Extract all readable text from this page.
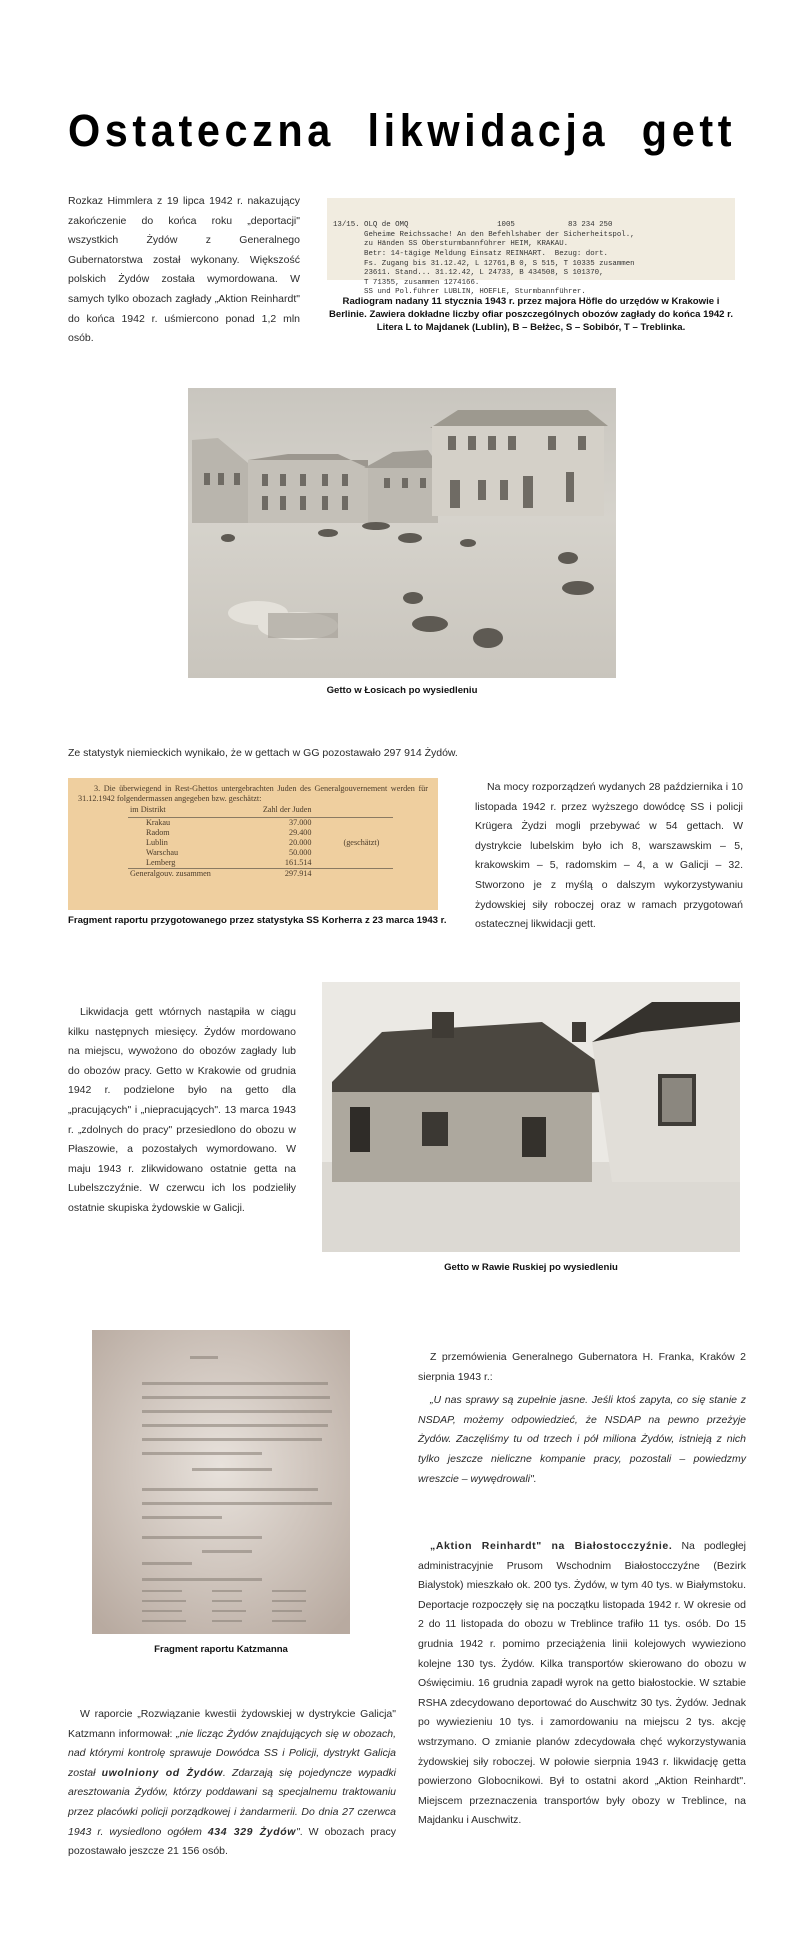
Ostateczna likwidacja gett

Rozkaz Himmlera z 19 lipca 1942 r. nakazujący zakończenie do końca roku „deportacji" wszystkich Żydów z Generalnego Gubernatorstwa został wykonany. Większość polskich Żydów została wymordowana. W samych tylko obozach zagłady „Aktion Reinhardt" do końca 1942 r. uśmiercono ponad 1,2 mln osób.

13/15. OLQ de OMQ                    1005            83 234 250
Geheime Reichssache! An den Befehlshaber der Sicherheitspol.,
zu Händen SS Obersturmbannführer HEIM, KRAKAU.
Betr: 14-tägige Meldung Einsatz REINHART.  Bezug: dort.
Fs. Zugang bis 31.12.42, L 12761,B 0, S 515, T 10335 zusammen
23611. Stand... 31.12.42, L 24733, B 434508, S 101370,
T 71355, zusammen 1274166.
SS und Pol.führer LUBLIN, HOEFLE, Sturmbannführer.

Radiogram nadany 11 stycznia 1943 r. przez majora Höfle do urzędów w Krakowie i Berlinie. Zawiera dokładne liczby ofiar poszczególnych obozów zagłady do końca 1942 r. Litera L to Majdanek (Lublin), B – Bełżec, S – Sobibór, T – Treblinka.
Getto w Łosicach po wysiedleniu
Ze statystyk niemieckich wynikało, że w gettach w GG pozostawało 297 914 Żydów.
3. Die überwiegend in Rest-Ghettos untergebrachten Juden des Generalgouvernement werden für 31.12.1942 folgendermassen angegeben bzw. geschätzt:
im Distrikt	Zahl der Juden	
Krakau	37.000	
Radom	29.400	
Lublin	20.000	(geschätzt)
Warschau	50.000	
Lemberg	161.514	
Generalgouv. zusammen	297.914	
Fragment raportu przygotowanego przez statystyka SS Korherra z 23 marca 1943 r.

Na mocy rozporządzeń wydanych 28 października i 10 listopada 1942 r. przez wyższego dowódcę SS i policji Krügera Żydzi mogli przebywać w 54 gettach. W dystrykcie lubelskim było ich 8, warszawskim – 5, krakowskim – 5, radomskim – 4, a w Galicji – 32. Stworzono je z myślą o dalszym wykorzystywaniu żydowskiej siły roboczej oraz w ramach przygotowań ostatecznej likwidacji gett.

Likwidacja gett wtórnych nastąpiła w ciągu kilku następnych miesięcy. Żydów mordowano na miejscu, wywożono do obozów zagłady lub do obozów pracy. Getto w Krakowie od grudnia 1942 r. podzielone było na getto dla „pracujących" i „niepracujących". 13 marca 1943 r. „zdolnych do pracy" przesiedlono do obozu w Płaszowie, a pozostałych wymordowano. W maju 1943 r. zlikwidowano ostatnie getta na Lubelszczyźnie. W czerwcu ich los podzieliły ostatnie skupiska żydowskie w Galicji.

Getto w Rawie Ruskiej po wysiedleniu
Fragment raportu Katzmanna

Z przemówienia Generalnego Gubernatora H. Franka, Kraków 2 sierpnia 1943 r.:

„U nas sprawy są zupełnie jasne. Jeśli ktoś zapyta, co się stanie z NSDAP, możemy odpowiedzieć, że NSDAP na pewno przeżyje Żydów. Zaczęliśmy tu od trzech i pół miliona Żydów, istnieją z nich tylko jeszcze nieliczne kompanie pracy, pozostali – powiedzmy wreszcie – wywędrowali".

„Aktion Reinhardt" na Białostocczyźnie. Na podległej administracyjnie Prusom Wschodnim Białostocczyźne (Bezirk Bialystok) mieszkało ok. 200 tys. Żydów, w tym 40 tys. w Białymstoku. Deportacje rozpoczęły się na początku listopada 1942 r. W okresie od 2 do 11 listopada do obozu w Treblince trafiło 11 tys. osób. Do 15 grudnia 1942 r. pomimo przeciążenia linii kolejowych wywieziono kolejne 130 tys. Żydów. Kilka transportów skierowano do obozu w Oświęcimiu. 16 grudnia zapadł wyrok na getto białostockie. W sztabie RSHA zdecydowano deportować do Auschwitz 30 tys. Żydów. Jednak po wywiezieniu 10 tys. i zamordowaniu na miejscu 2 tys. akcję wstrzymano. O zmianie planów zdecydowała chęć wykorzystywania żydowskiej siły roboczej. W połowie sierpnia 1943 r. likwidację getta powierzono Globocnikowi. Był to ostatni akord „Aktion Reinhardt". Miejscem przeznaczenia transportów były obozy w Treblince, na Majdanku i Auschwitz.

W raporcie „Rozwiązanie kwestii żydowskiej w dystrykcie Galicja" Katzmann informował: „nie licząc Żydów znajdujących się w obozach, nad którymi kontrolę sprawuje Dowódca SS i Policji, dystrykt Galicja został uwolniony od Żydów. Zdarzają się pojedyncze wypadki aresztowania Żydów, którzy poddawani są specjalnemu traktowaniu przez placówki policji porządkowej i żandarmerii. Do dnia 27 czerwca 1943 r. wysiedlono ogółem 434 329 Żydów". W obozach pracy pozostawało jeszcze 21 156 osób.
